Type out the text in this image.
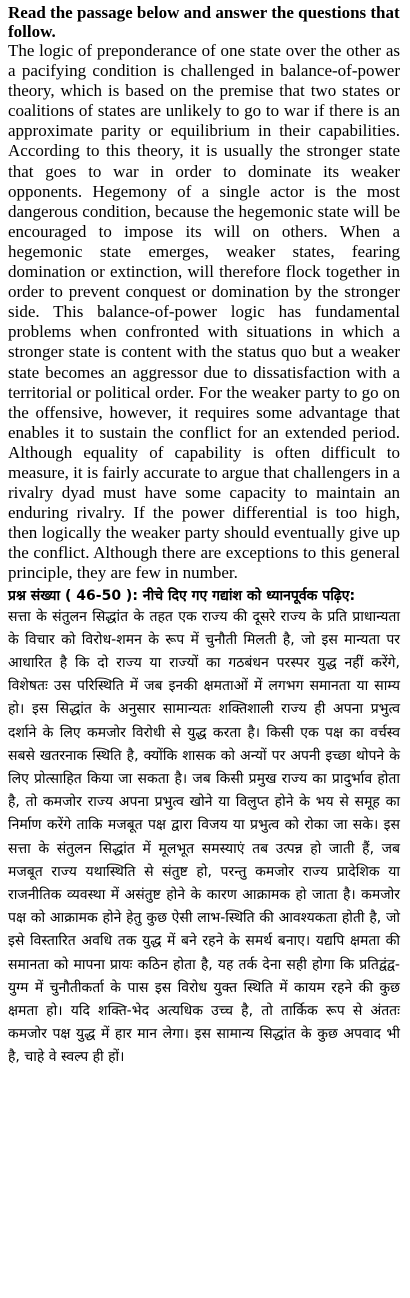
Read the passage below and answer the questions that follow.

The logic of preponderance of one state over the other as a pacifying condition is challenged in balance-of-power theory, which is based on the premise that two states or coalitions of states are unlikely to go to war if there is an approximate parity or equilibrium in their capabilities. According to this theory, it is usually the stronger state that goes to war in order to dominate its weaker opponents. Hegemony of a single actor is the most dangerous condition, because the hegemonic state will be encouraged to impose its will on others. When a hegemonic state emerges, weaker states, fearing domination or extinction, will therefore flock together in order to prevent conquest or domination by the stronger side. This balance-of-power logic has fundamental problems when confronted with situations in which a stronger state is content with the status quo but a weaker state becomes an aggressor due to dissatisfaction with a territorial or political order. For the weaker party to go on the offensive, however, it requires some advantage that enables it to sustain the conflict for an extended period. Although equality of capability is often difficult to measure, it is fairly accurate to argue that challengers in a rivalry dyad must have some capacity to maintain an enduring rivalry. If the power differential is too high, then logically the weaker party should eventually give up the conflict. Although there are exceptions to this general principle, they are few in number.

प्रश्न संख्या ( 46-50 ): नीचे दिए गए गद्यांश को ध्यानपूर्वक पढ़िए:

सत्ता के संतुलन सिद्धांत के तहत एक राज्य की दूसरे राज्य के प्रति प्राधान्यता के विचार को विरोध-शमन के रूप में चुनौती मिलती है, जो इस मान्यता पर आधारित है कि दो राज्य या राज्यों का गठबंधन परस्पर युद्ध नहीं करेंगे, विशेषतः उस परिस्थिति में जब इनकी क्षमताओं में लगभग समानता या साम्य हो। इस सिद्धांत के अनुसार सामान्यतः शक्तिशाली राज्य ही अपना प्रभुत्व दर्शाने के लिए कमजोर विरोधी से युद्ध करता है। किसी एक पक्ष का वर्चस्व सबसे खतरनाक स्थिति है, क्योंकि शासक को अन्यों पर अपनी इच्छा थोपने के लिए प्रोत्साहित किया जा सकता है। जब किसी प्रमुख राज्य का प्रादुर्भाव होता है, तो कमजोर राज्य अपना प्रभुत्व खोने या विलुप्त होने के भय से समूह का निर्माण करेंगे ताकि मजबूत पक्ष द्वारा विजय या प्रभुत्व को रोका जा सके। इस सत्ता के संतुलन सिद्धांत में मूलभूत समस्याएं तब उत्पन्न हो जाती हैं, जब मजबूत राज्य यथास्थिति से संतुष्ट हो, परन्तु कमजोर राज्य प्रादेशिक या राजनीतिक व्यवस्था में असंतुष्ट होने के कारण आक्रामक हो जाता है। कमजोर पक्ष को आक्रामक होने हेतु कुछ ऐसी लाभ-स्थिति की आवश्यकता होती है, जो इसे विस्तारित अवधि तक युद्ध में बने रहने के समर्थ बनाए। यद्यपि क्षमता की समानता को मापना प्रायः कठिन होता है, यह तर्क देना सही होगा कि प्रतिद्वंद्व-युग्म में चुनौतीकर्ता के पास इस विरोध युक्त स्थिति में कायम रहने की कुछ क्षमता हो। यदि शक्ति-भेद अत्यधिक उच्च है, तो तार्किक रूप से अंततः कमजोर पक्ष युद्ध में हार मान लेगा। इस सामान्य सिद्धांत के कुछ अपवाद भी है, चाहे वे स्वल्प ही हों।
